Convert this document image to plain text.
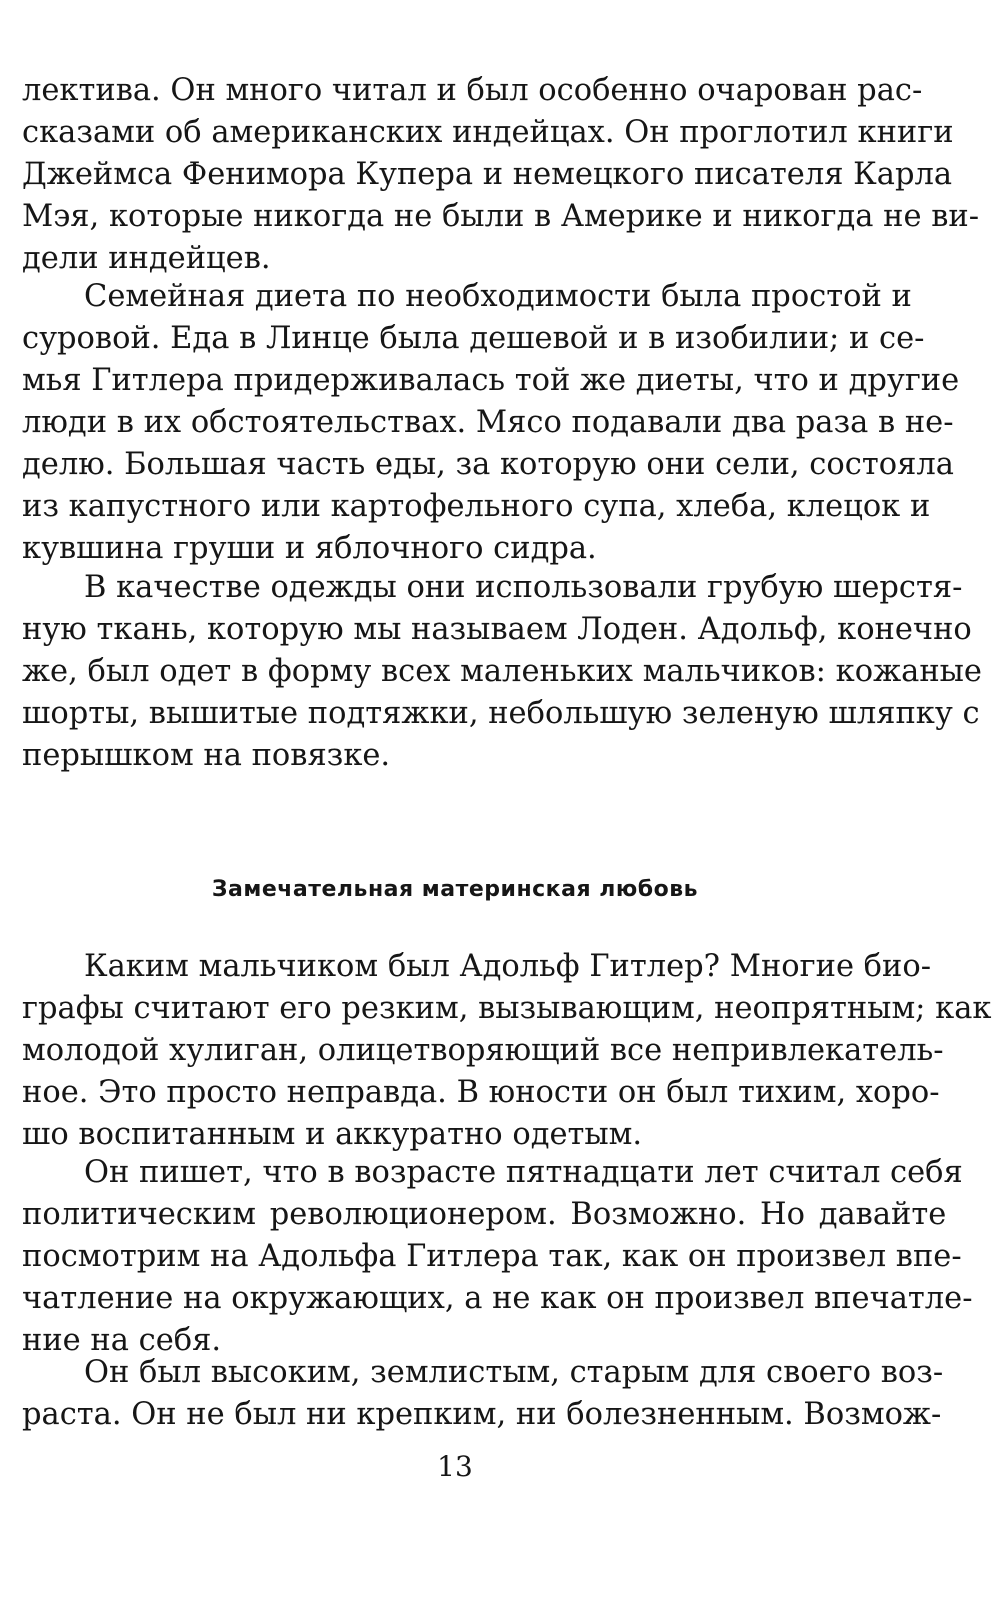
лектива. Он много читал и был особенно очарован рас-
сказами об американских индейцах. Он проглотил книги
Джеймса Фенимора Купера и немецкого писателя Карла
Мэя, которые никогда не были в Америке и никогда не ви-
дели индейцев.
Семейная диета по необходимости была простой и
суровой. Еда в Линце была дешевой и в изобилии; и се-
мья Гитлера придерживалась той же диеты, что и другие
люди в их обстоятельствах. Мясо подавали два раза в не-
делю. Большая часть еды, за которую они сели, состояла
из капустного или картофельного супа, хлеба, клецок и
кувшина груши и яблочного сидра.
В качестве одежды они использовали грубую шерстя-
ную ткань, которую мы называем Лоден. Адольф, конечно
же, был одет в форму всех маленьких мальчиков: кожаные
шорты, вышитые подтяжки, небольшую зеленую шляпку с
перышком на повязке.
Замечательная материнская любовь
Каким мальчиком был Адольф Гитлер? Многие био-
графы считают его резким, вызывающим, неопрятным; как
молодой хулиган, олицетворяющий все непривлекатель-
ное. Это просто неправда. В юности он был тихим, хоро-
шо воспитанным и аккуратно одетым.
Он пишет, что в возрасте пятнадцати лет считал себя
политическим революционером. Возможно. Но давайте
посмотрим на Адольфа Гитлера так, как он произвел впе-
чатление на окружающих, а не как он произвел впечатле-
ние на себя.
Он был высоким, землистым, старым для своего воз-
раста. Он не был ни крепким, ни болезненным. Возмож-
13
